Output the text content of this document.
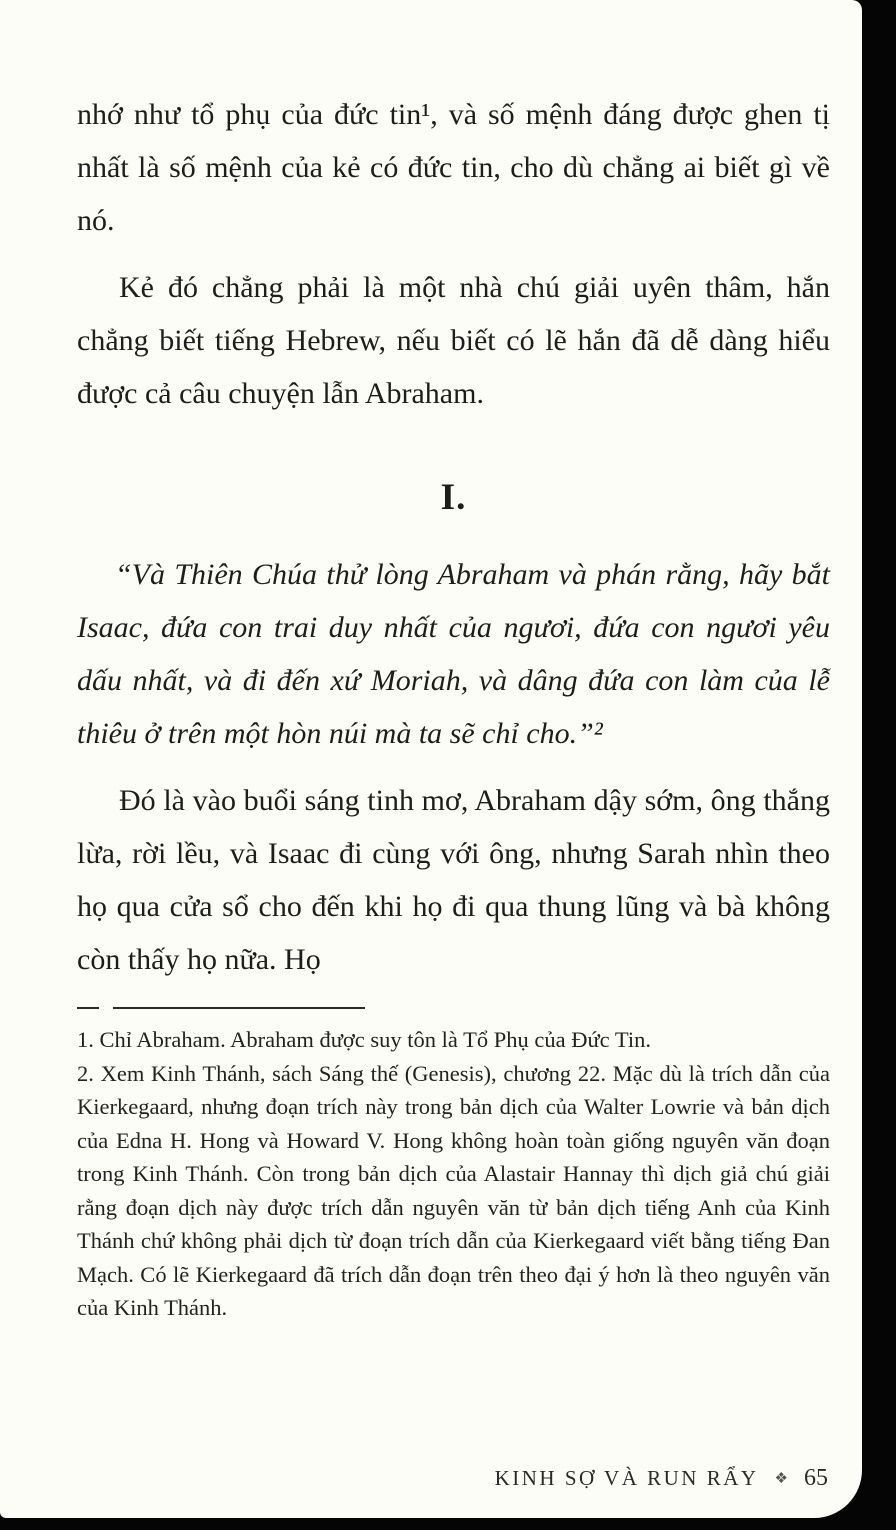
nhớ như tổ phụ của đức tin¹, và số mệnh đáng được ghen tị nhất là số mệnh của kẻ có đức tin, cho dù chẳng ai biết gì về nó.

Kẻ đó chẳng phải là một nhà chú giải uyên thâm, hắn chẳng biết tiếng Hebrew, nếu biết có lẽ hắn đã dễ dàng hiểu được cả câu chuyện lẫn Abraham.

I.

“Và Thiên Chúa thử lòng Abraham và phán rằng, hãy bắt Isaac, đứa con trai duy nhất của ngươi, đứa con ngươi yêu dấu nhất, và đi đến xứ Moriah, và dâng đứa con làm của lễ thiêu ở trên một hòn núi mà ta sẽ chỉ cho.”²

Đó là vào buổi sáng tinh mơ, Abraham dậy sớm, ông thắng lừa, rời lều, và Isaac đi cùng với ông, nhưng Sarah nhìn theo họ qua cửa sổ cho đến khi họ đi qua thung lũng và bà không còn thấy họ nữa. Họ

1. Chỉ Abraham. Abraham được suy tôn là Tổ Phụ của Đức Tin.

2. Xem Kinh Thánh, sách Sáng thế (Genesis), chương 22. Mặc dù là trích dẫn của Kierkegaard, nhưng đoạn trích này trong bản dịch của Walter Lowrie và bản dịch của Edna H. Hong và Howard V. Hong không hoàn toàn giống nguyên văn đoạn trong Kinh Thánh. Còn trong bản dịch của Alastair Hannay thì dịch giả chú giải rằng đoạn dịch này được trích dẫn nguyên văn từ bản dịch tiếng Anh của Kinh Thánh chứ không phải dịch từ đoạn trích dẫn của Kierkegaard viết bằng tiếng Đan Mạch. Có lẽ Kierkegaard đã trích dẫn đoạn trên theo đại ý hơn là theo nguyên văn của Kinh Thánh.

KINH SỢ VÀ RUN RẨY ❖ 65
